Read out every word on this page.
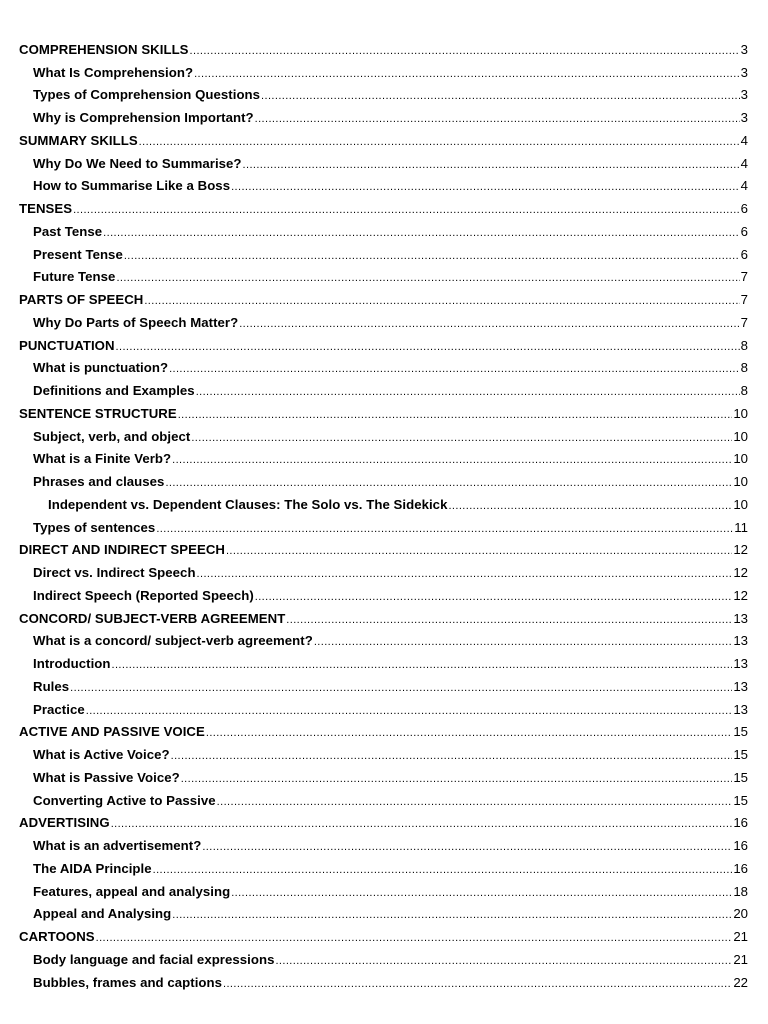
COMPREHENSION SKILLS .....	3
What Is Comprehension? .....	3
Types of Comprehension Questions .....	3
Why is Comprehension Important? .....	3
SUMMARY SKILLS .....	4
Why Do We Need to Summarise? .....	4
How to Summarise Like a Boss .....	4
TENSES .....	6
Past Tense .....	6
Present Tense .....	6
Future Tense .....	7
PARTS OF SPEECH .....	7
Why Do Parts of Speech Matter? .....	7
PUNCTUATION .....	8
What is punctuation? .....	8
Definitions and Examples .....	8
SENTENCE STRUCTURE .....	10
Subject, verb, and object .....	10
What is a Finite Verb? .....	10
Phrases and clauses .....	10
Independent vs. Dependent Clauses: The Solo vs. The Sidekick .....	10
Types of sentences .....	11
DIRECT AND INDIRECT SPEECH .....	12
Direct vs. Indirect Speech .....	12
Indirect Speech (Reported Speech) .....	12
CONCORD/ SUBJECT-VERB AGREEMENT .....	13
What is a concord/ subject-verb agreement? .....	13
Introduction .....	13
Rules .....	13
Practice .....	13
ACTIVE AND PASSIVE VOICE .....	15
What is Active Voice? .....	15
What is Passive Voice? .....	15
Converting Active to Passive .....	15
ADVERTISING .....	16
What is an advertisement? .....	16
The AIDA Principle .....	16
Features, appeal and analysing .....	18
Appeal and Analysing .....	20
CARTOONS .....	21
Body language and facial expressions .....	21
Bubbles, frames and captions .....	22
